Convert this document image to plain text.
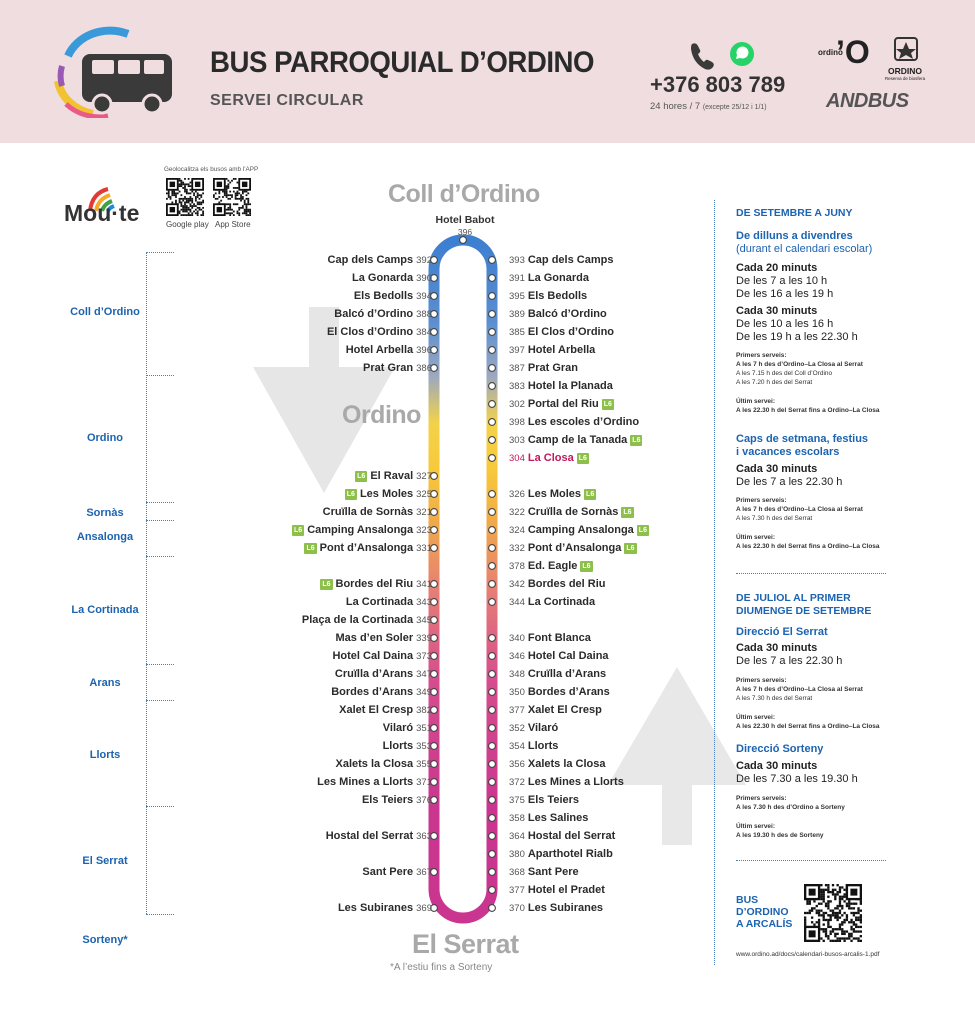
BUS PARROQUIAL D’ORDINO
SERVEI CIRCULAR
+376 803 789
24 hores / 7 (excepte 25/12 i 1/1)
ordino
’O
ORDINO
Reserva de biosfera
ANDBUS
Mou·te
Geolocalitza els busos amb l’APP
Google play App Store
Coll d’Ordino
Ordino
Sornàs
Ansalonga
La Cortinada
Arans
Llorts
El Serrat
Sorteny*
Coll d’Ordino
Ordino
El Serrat
*A l’estiu fins a Sorteny
Hotel Babot
396
Cap dels Camps 392
La Gonarda 390
Els Bedolls 394
Balcó d’Ordino 388
El Clos d’Ordino 384
Hotel Arbella 396
Prat Gran 386
L6 El Raval 327
L6 Les Moles 325
Cruïlla de Sornàs 321
L6 Camping Ansalonga 323
L6 Pont d’Ansalonga 331
L6 Bordes del Riu 341
La Cortinada 343
Plaça de la Cortinada 345
Mas d’en Soler 339
Hotel Cal Daina 373
Cruïlla d’Arans 347
Bordes d’Arans 349
Xalet El Cresp 382
Vilaró 351
Llorts 353
Xalets la Closa 355
Les Mines a Llorts 371
Els Teiers 376
Hostal del Serrat 363
Sant Pere 367
Les Subiranes 369
393 Cap dels Camps
391 La Gonarda
395 Els Bedolls
389 Balcó d’Ordino
385 El Clos d’Ordino
397 Hotel Arbella
387 Prat Gran
383 Hotel la Planada
302 Portal del Riu L6
398 Les escoles d’Ordino
303 Camp de la Tanada L6
304 La Closa L6
326 Les Moles L6
322 Cruïlla de Sornàs L6
324 Camping Ansalonga L6
332 Pont d’Ansalonga L6
378 Ed. Eagle L6
342 Bordes del Riu
344 La Cortinada
340 Font Blanca
346 Hotel Cal Daina
348 Cruïlla d’Arans
350 Bordes d’Arans
377 Xalet El Cresp
352 Vilaró
354 Llorts
356 Xalets la Closa
372 Les Mines a Llorts
375 Els Teiers
358 Les Salines
364 Hostal del Serrat
380 Aparthotel Rialb
368 Sant Pere
377 Hotel el Pradet
370 Les Subiranes
DE SETEMBRE A JUNY
De dilluns a divendres
(durant el calendari escolar)
Cada 20 minuts
De les 7 a les 10 h
De les 16 a les 19 h
Cada 30 minuts
De les 10 a les 16 h
De les 19 h a les 22.30 h
Primers serveis:
A les 7 h des d’Ordino–La Closa al Serrat
A les 7.15 h des del Coll d’Ordino
A les 7.20 h des del Serrat
Últim servei:
A les 22.30 h del Serrat fins a Ordino–La Closa
Caps de setmana, festius
i vacances escolars
Cada 30 minuts
De les 7 a les 22.30 h
Primers serveis:
A les 7 h des d’Ordino–La Closa al Serrat
A les 7.30 h des del Serrat
Últim servei:
A les 22.30 h del Serrat fins a Ordino–La Closa
DE JULIOL AL PRIMER
DIUMENGE DE SETEMBRE
Direcció El Serrat
Cada 30 minuts
De les 7 a les 22.30 h
Primers serveis:
A les 7 h des d’Ordino–La Closa al Serrat
A les 7.30 h des del Serrat
Últim servei:
A les 22.30 h del Serrat fins a Ordino–La Closa
Direcció Sorteny
Cada 30 minuts
De les 7.30 a les 19.30 h
Primers serveis:
A les 7.30 h des d’Ordino a Sorteny
Últim servei:
A les 19.30 h des de Sorteny
BUS
D’ORDINO
A ARCALÍS
www.ordino.ad/docs/calendari-busos-arcalis-1.pdf
